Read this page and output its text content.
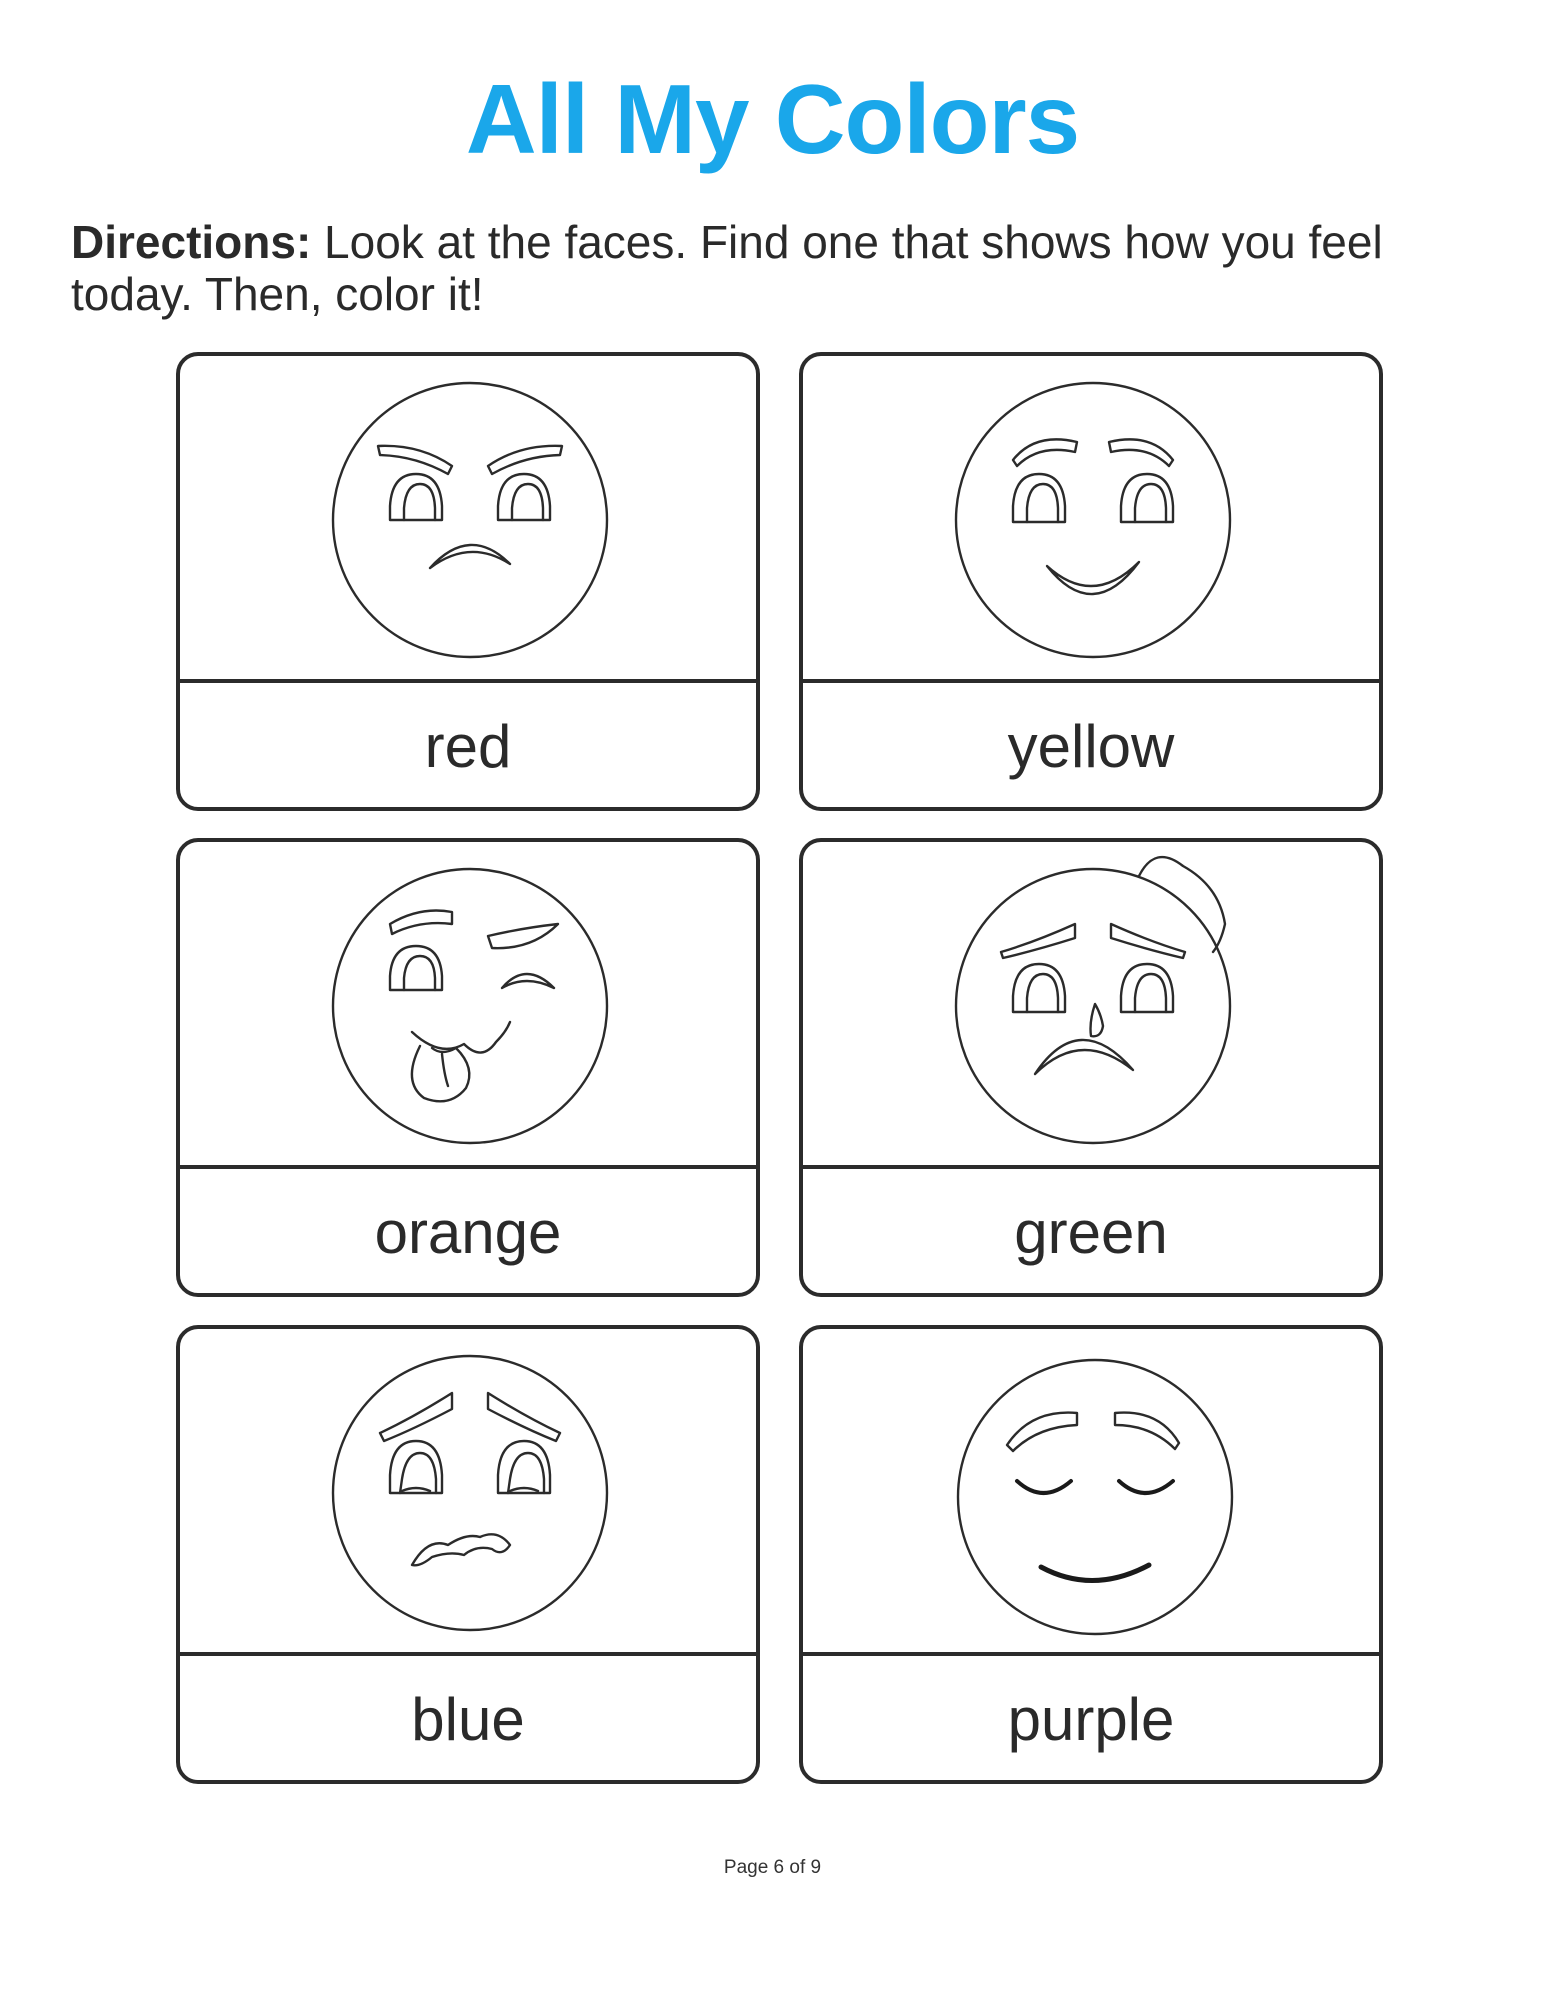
All My Colors
Directions: Look at the faces. Find one that shows how you feel today. Then, color it!
red	yellow
orange	green
blue	purple
Page 6 of 9
